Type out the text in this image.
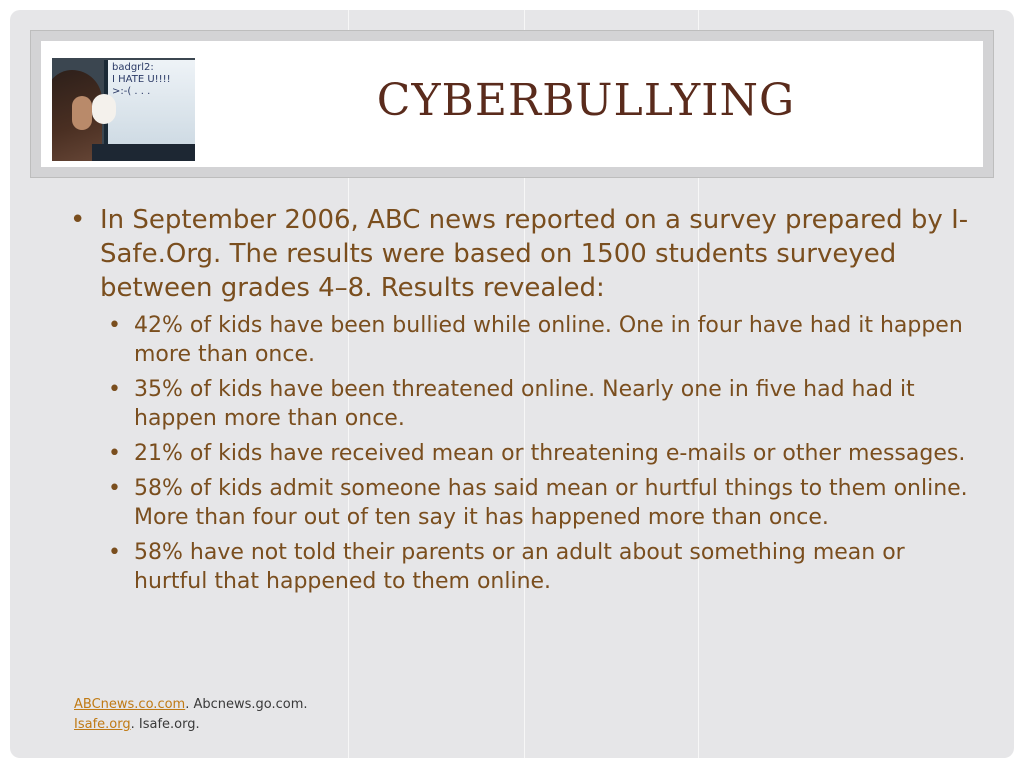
badgrl2:
I HATE U!!!!
>:-( . . .	CYBERBULLYING
• In September 2006, ABC news reported on a survey prepared by I-Safe.Org. The results were based on 1500 students surveyed between grades 4–8. Results revealed:
• 42% of kids have been bullied while online. One in four have had it happen more than once.
• 35% of kids have been threatened online. Nearly one in five had had it happen more than once.
• 21% of kids have received mean or threatening e-mails or other messages.
• 58% of kids admit someone has said mean or hurtful things to them online. More than four out of ten say it has happened more than once.
• 58% have not told their parents or an adult about something mean or hurtful that happened to them online.
ABCnews.co.com. Abcnews.go.com.
Isafe.org. Isafe.org.
